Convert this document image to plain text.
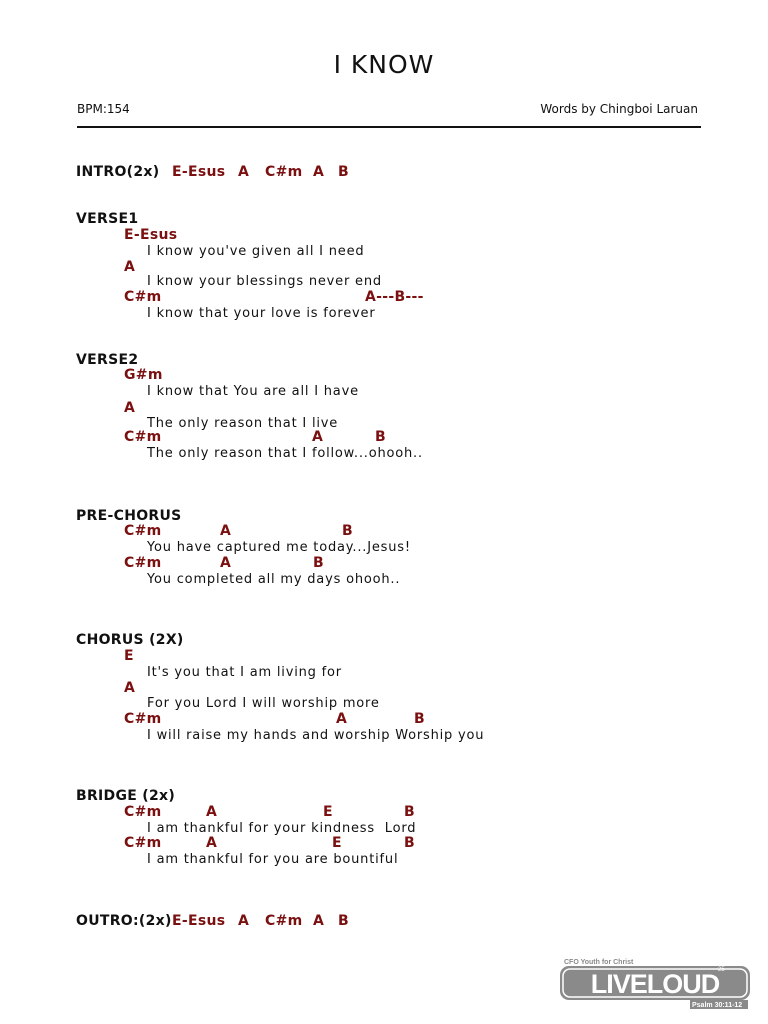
I KNOW
BPM:154	Words by Chingboi Laruan
INTRO(2x) E-Esus A C#m A B
VERSE1
E-Esus
I know you've given all I need
A
I know your blessings never end
C#m	A---B---
I know that your love is forever
VERSE2
G#m
I know that You are all I have
A
The only reason that I live
C#m	A	B
The only reason that I follow...ohooh..
PRE-CHORUS
C#m	A	B
You have captured me today...Jesus!
C#m	A	B
You completed all my days ohooh..
CHORUS (2X)
E
It's you that I am living for
A
For you Lord I will worship more
C#m	A	B
I will raise my hands and worship Worship you
BRIDGE (2x)
C#m	A	E	B
I am thankful for your kindness  Lord
C#m	A	E	B
I am thankful for you are bountiful
OUTRO:(2x) E-Esus A C#m A B
CFO Youth for Christ
LIVELOUD
25
Psalm 30:11-12
